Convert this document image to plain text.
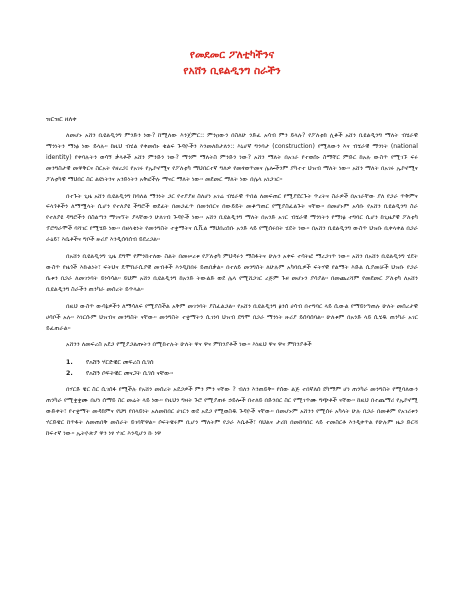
የመደመር ፖለቲካችንና
የአሸን ቢዩልዲንግ ስራችን
ዝርዝር ዘለቀ

ለመሆኑ አሸን ቢዩልዲንግ ምንድን ነው? ከሚለው እንጀምር:: ምንዐውን በስለሁ ንድፈ አሳብ ምን ይላሉ? የፖለቲከ ሊቆች አሸን ቢዩልዲንግ ማለት ብሄራዊ ማንነትን ማነፅ ነው ይላሉ፡፡ ከዚህ ብሂል የቀመሰኑ ቁልፍ ጉዳዮችን እንመለከታለን:: እኒሆኛ ግንባታ (construction) የሚለውን እና ብሄራዊ ማንነት (national identity) የቀባሉትን ወሳኝ ቃላቶች አሸን ምንድን ነው? ማንም ማለትስ ምንድን ነው? አሸን ማለት በአገራ የተወሰኑ ስማቸር ምድር ከአሉ ውስጥ የሚገኙ ፍሩ መንግስታዊ መዋቅርና ስርአት የዘረጋ፤ የአገሩ የኢኮኖሚና የፖለቲካ ማህበርተኛ ግለዎ የመፃወጥመና ሌሎችንም ያካተተ ህዝብ ማለት ነው፡፡ አሸን ማለት በአገሩ ኢኮኖሚና ፖለቲካዊ ማህበር ስር ልዩነትንና አንድነትን አቅፎችሉ ማናር ማለት ነው፡፡ መደመር ማለት ነው በሌላ አነጋገር፡፡

በተጉት ጊዜ አሸን ቢዩልዲንግ ከባለል ማንነት ጋር የተያያዘ ስለሆነ አገሬ ብሄራዊ ጥበል ለመፍጠር የሚያደርጉት ጥረትና ስራዎች በአገራቸው ያለ የጋራ ጥቅምና ፍላጎቶችን ለማሟላት ሲሆን የተለያዩ ችግሮች ወደፊት በመጋፈጥ በመንበርና በውይይት መቆጣጠር የሚያስፈልጉት ናቸው፡፡ በመሆኑም አሳቡ የአሸን ቢዩልዲንግ ስራ የተለያዩ ዳግሮችን በስልጣን ማገናኘት ያላቸውን ሁለገብ ጉዳዮች ነው፡፡ አሸን ቢዩልዲንግ ማለት በአንድ አገር ብሄራዊ ማንነትን የማነፅ ተግባር ሲሆን ከጊዜያዊ ፖለቲካ ፕሮግራሞች ባሻገር የሚሄድ ነው፡፡ በዘላቂነት የመንግስት ተቋማትና ሲቪል ማህበረሰቡ አንድ ላይ የሚሰሩበት ሂደት ነው፡፡ በአሸን ቢዩልዲንግ ውስጥ ህዝቡ ቢቀላቀል በጋራ ራዕይ፣ እሴቶችና ግቦች ዙሪያ እንዲሰባሰብ ይደረጋል፡፡

በአሸን ቢዩልዲንግ ጊዜ ደግሞ የምንከተለው ስልት በመሠረቱ የፖለቲካ ምህዳሩን ማስፋትና ሁሉን አቀፍ ተሳትፎ ማረጋገጥ ነው፡፡ አሸን በአሸን ቢዩልዲንግ ሂደት ውስጥ የዜጎች እኩልነት፣ ፍትህና ዴሞክራሲያዊ መብቶች እንዲከበሩ ይጠበቃል፡፡ በተለይ መንግስት ለሁሉም አካባቢዎች ፍትሃዊ የልማት እድል ሲያመቻች ህዝቡ የጋራ ቤቱን በጋራ ለመገንባት ይነሳሳል፡፡ ይህም አሸን ቢዩልዲንግ ከአንድ ትውልድ ወደ ሌላ የሚሸጋገር ረጅም ጉዞ መሆኑን ያሳያል፡፡ በመጨረሻም የመደመር ፖለቲካ ለአሸን ቢዩልዲንግ ስራችን ጠንካራ መሰረት ይጥላል፡፡

በዚህ ውስጥ ውሳኔዎችን ለማሳለፍ የሚያስችል አቅም መገንባት ያስፈልጋል፡፡ የአሸን ቢዩልዲንግ ፅንሰ ሀሳብ በተግባር ላይ ሲውል የማይነጣጠሉ ሁለት መሰረታዊ ሀሳቦች አሉ፡፡ እነርሱም ህዝብና መንግስት ናቸው፡፡ መንግስት ተቋማትን ሲገነባ ህዝብ ደግሞ በጋራ ማንነት ዙሪያ ይሰባሰባል፡፡ ሁለቱም በአንድ ላይ ሲሄዱ ጠንካራ አገር ይፈጠራል፡፡

አሸንን ለመፍረስ አደጋ የሚያጋልጡትን በሚከተሉት ሁለት ዋና ዋና ምክንያቶች ነው፡፡ እነዚህ ዋና ዋና ምክንያቶች

1.	የአሸን ሃርድዌር መፍረስ ሲገሰ
2.	የአሸን ሶፍትዌር መናጋት ሲገሰ ናቸው፡፡

በሃርድ ዌር ስር ሲገሰፋ የሚችሉ የአሸን መሰረት አደጋዎች ምን ምን ናቸው ? ብለን እንጠይቅ፡፡ የሰው ልጅ ተበኛለሰ ደካማም ሆነ ጠንካራ መንግስት የሚባለውን ጠንካራ የሚቋቋሙ በሆነ ሰማይ ስር መሬት ላይ ነው፡፡ የዚህን ግዛት ጉሮ የሚያጠፉ ኃይሎች በተለይ በድንበር ስር የሚገጥሙ ግጭቶች ናቸው፡፡ ከዚህ በተጨማሪ የኢኮኖሚ ውድቀት፣ የተቋማት መዳከምና የህግ የበላይነት አለመከበር ሀገርን ወደ አደጋ የሚወስዱ ጉዳዮች ናቸው፡፡ በመሆኑም አሸንን የሚሰሩ አካላት ሁሉ በጋራ በመቆም የአገሪቱን ሃርድዌር ከጥፋት ለመጠበቅ መስራት ይገባቸዋል፡፡ ሶፍትዌሩም ቢሆን ማለትም የጋራ እሴቶች፣ ባህልና ታሪክ በመከባበር ላይ ተመስርቶ እንዲቀጥል የሁሉም ዜጋ ድርሻ ከፍተኛ ነው፡፡ ኢትዮጵያ ዋን ነፃ ሃገር እንዲሆን ኩ ነዋ
